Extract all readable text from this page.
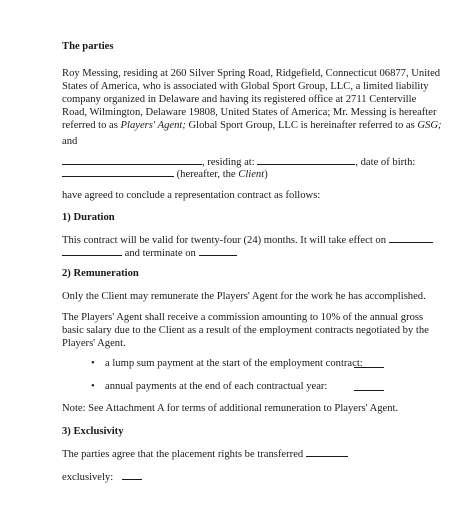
The parties
Roy Messing, residing at 260 Silver Spring Road, Ridgefield, Connecticut 06877, United
States of America, who is associated with Global Sport Group, LLC, a limited liability
company organized in Delaware and having its registered office at 2711 Centerville
Road, Wilmington, Delaware 19808, United States of America; Mr. Messing is hereafter
referred to as Players' Agent; Global Sport Group, LLC is hereinafter referred to as GSG;
and
, residing at:	, date of birth:
(hereafter, the Client)
have agreed to conclude a representation contract as follows:
1) Duration
This contract will be valid for twenty-four (24) months. It will take effect on
and terminate on
2) Remuneration
Only the Client may remunerate the Players' Agent for the work he has accomplished.
The Players' Agent shall receive a commission amounting to 10% of the annual gross
basic salary due to the Client as a result of the employment contracts negotiated by the
Players' Agent.
• a lump sum payment at the start of the employment contract:
• annual payments at the end of each contractual year:
Note: See Attachment A for terms of additional remuneration to Players' Agent.
3) Exclusivity
The parties agree that the placement rights be transferred
exclusively:
